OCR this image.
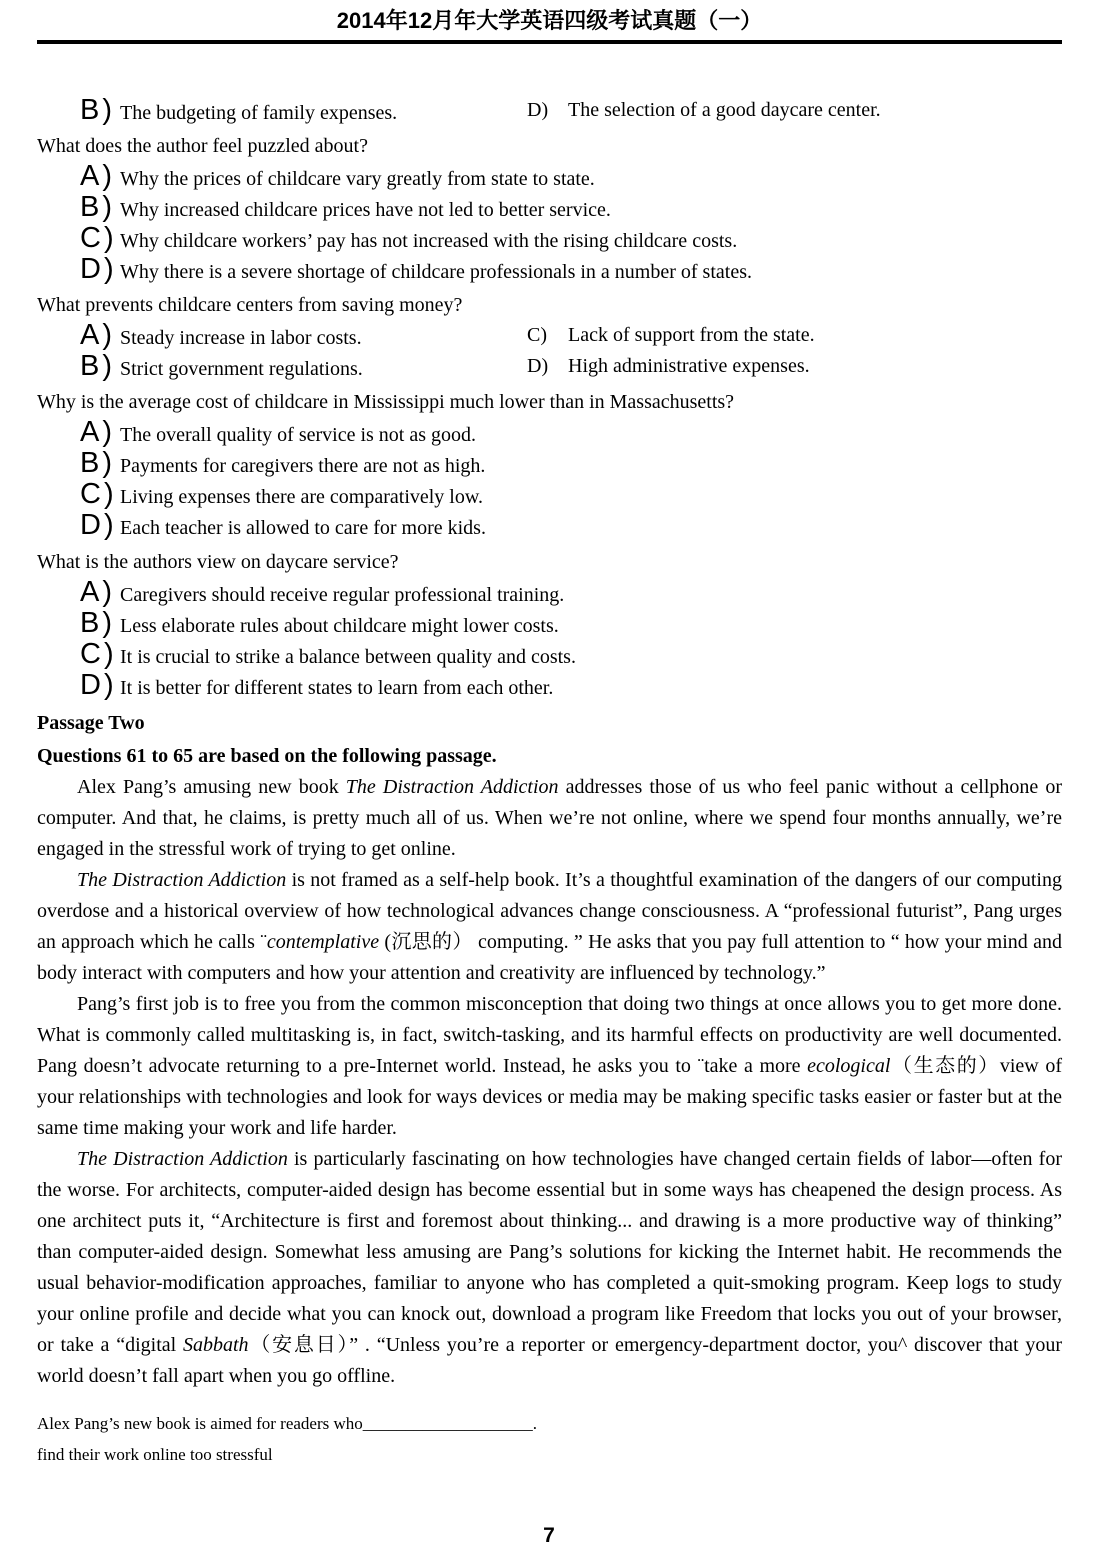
2014年12月年大学英语四级考试真题（一）
B) The budgeting of family expenses.	D) The selection of a good daycare center.
What does the author feel puzzled about?
A) Why the prices of childcare vary greatly from state to state.
B) Why increased childcare prices have not led to better service.
C) Why childcare workers’ pay has not increased with the rising childcare costs.
D) Why there is a severe shortage of childcare professionals in a number of states.
What prevents childcare centers from saving money?
A) Steady increase in labor costs.	C) Lack of support from the state.
B) Strict government regulations.	D) High administrative expenses.
Why is the average cost of childcare in Mississippi much lower than in Massachusetts?
A) The overall quality of service is not as good.
B) Payments for caregivers there are not as high.
C) Living expenses there are comparatively low.
D) Each teacher is allowed to care for more kids.
What is the authors view on daycare service?
A) Caregivers should receive regular professional training.
B) Less elaborate rules about childcare might lower costs.
C) It is crucial to strike a balance between quality and costs.
D) It is better for different states to learn from each other.
Passage Two
Questions 61 to 65 are based on the following passage.

Alex Pang’s amusing new book The Distraction Addiction addresses those of us who feel panic without a cellphone or computer. And that, he claims, is pretty much all of us. When we’re not online, where we spend four months annually, we’re engaged in the stressful work of trying to get online.

The Distraction Addiction is not framed as a self-help book. It’s a thoughtful examination of the dangers of our computing overdose and a historical overview of how technological advances change consciousness. A “professional futurist”, Pang urges an approach which he calls ¨contemplative (沉思的） computing. ” He asks that you pay full attention to “ how your mind and body interact with computers and how your attention and creativity are influenced by technology.”

Pang’s first job is to free you from the common misconception that doing two things at once allows you to get more done. What is commonly called multitasking is, in fact, switch-tasking, and its harmful effects on productivity are well documented. Pang doesn’t advocate returning to a pre-Internet world. Instead, he asks you to ¨take a more ecological（生态的）view of your relationships with technologies and look for ways devices or media may be making specific tasks easier or faster but at the same time making your work and life harder.

The Distraction Addiction is particularly fascinating on how technologies have changed certain fields of labor—often for the worse. For architects, computer-aided design has become essential but in some ways has cheapened the design process. As one architect puts it, “Architecture is first and foremost about thinking... and drawing is a more productive way of thinking” than computer-aided design. Somewhat less amusing are Pang’s solutions for kicking the Internet habit. He recommends the usual behavior-modification approaches, familiar to anyone who has completed a quit-smoking program. Keep logs to study your online profile and decide what you can knock out, download a program like Freedom that locks you out of your browser, or take a “digital Sabbath（安息日）” . “Unless you’re a reporter or emergency-department doctor, you^ discover that your world doesn’t fall apart when you go offline.

Alex Pang’s new book is aimed for readers who____________________.
find their work online too stressful
7
